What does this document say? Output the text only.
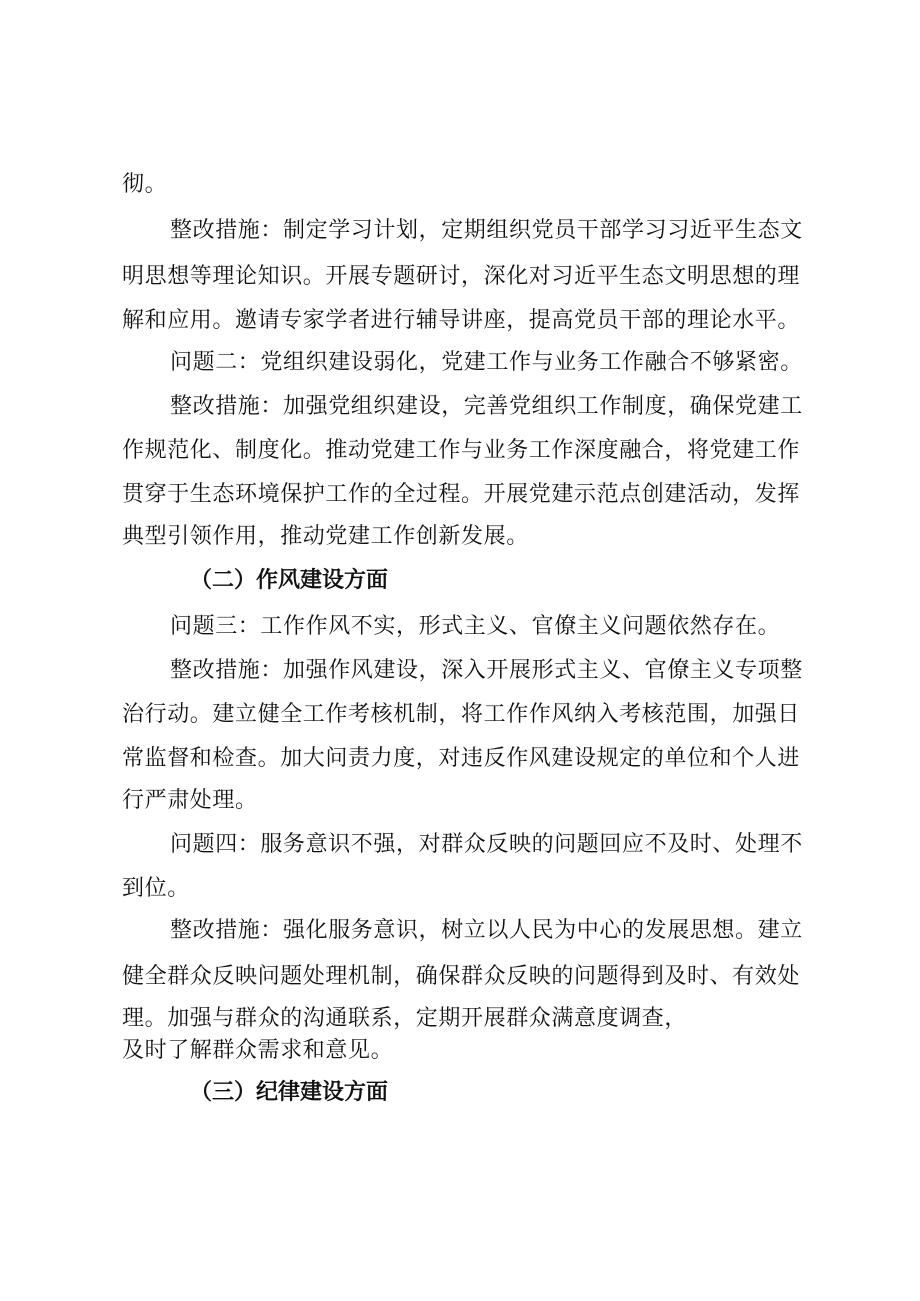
彻。
整改措施：制定学习计划，定期组织党员干部学习习近平生态文
明思想等理论知识。开展专题研讨，深化对习近平生态文明思想的理
解和应用。邀请专家学者进行辅导讲座，提高党员干部的理论水平。
问题二：党组织建设弱化，党建工作与业务工作融合不够紧密。
整改措施：加强党组织建设，完善党组织工作制度，确保党建工
作规范化、制度化。推动党建工作与业务工作深度融合，将党建工作
贯穿于生态环境保护工作的全过程。开展党建示范点创建活动，发挥
典型引领作用，推动党建工作创新发展。
（二）作风建设方面
问题三：工作作风不实，形式主义、官僚主义问题依然存在。
整改措施：加强作风建设，深入开展形式主义、官僚主义专项整
治行动。建立健全工作考核机制，将工作作风纳入考核范围，加强日
常监督和检查。加大问责力度，对违反作风建设规定的单位和个人进
行严肃处理。
问题四：服务意识不强，对群众反映的问题回应不及时、处理不
到位。
整改措施：强化服务意识，树立以人民为中心的发展思想。建立
健全群众反映问题处理机制，确保群众反映的问题得到及时、有效处
理。加强与群众的沟通联系，定期开展群众满意度调查，
及时了解群众需求和意见。
（三）纪律建设方面
